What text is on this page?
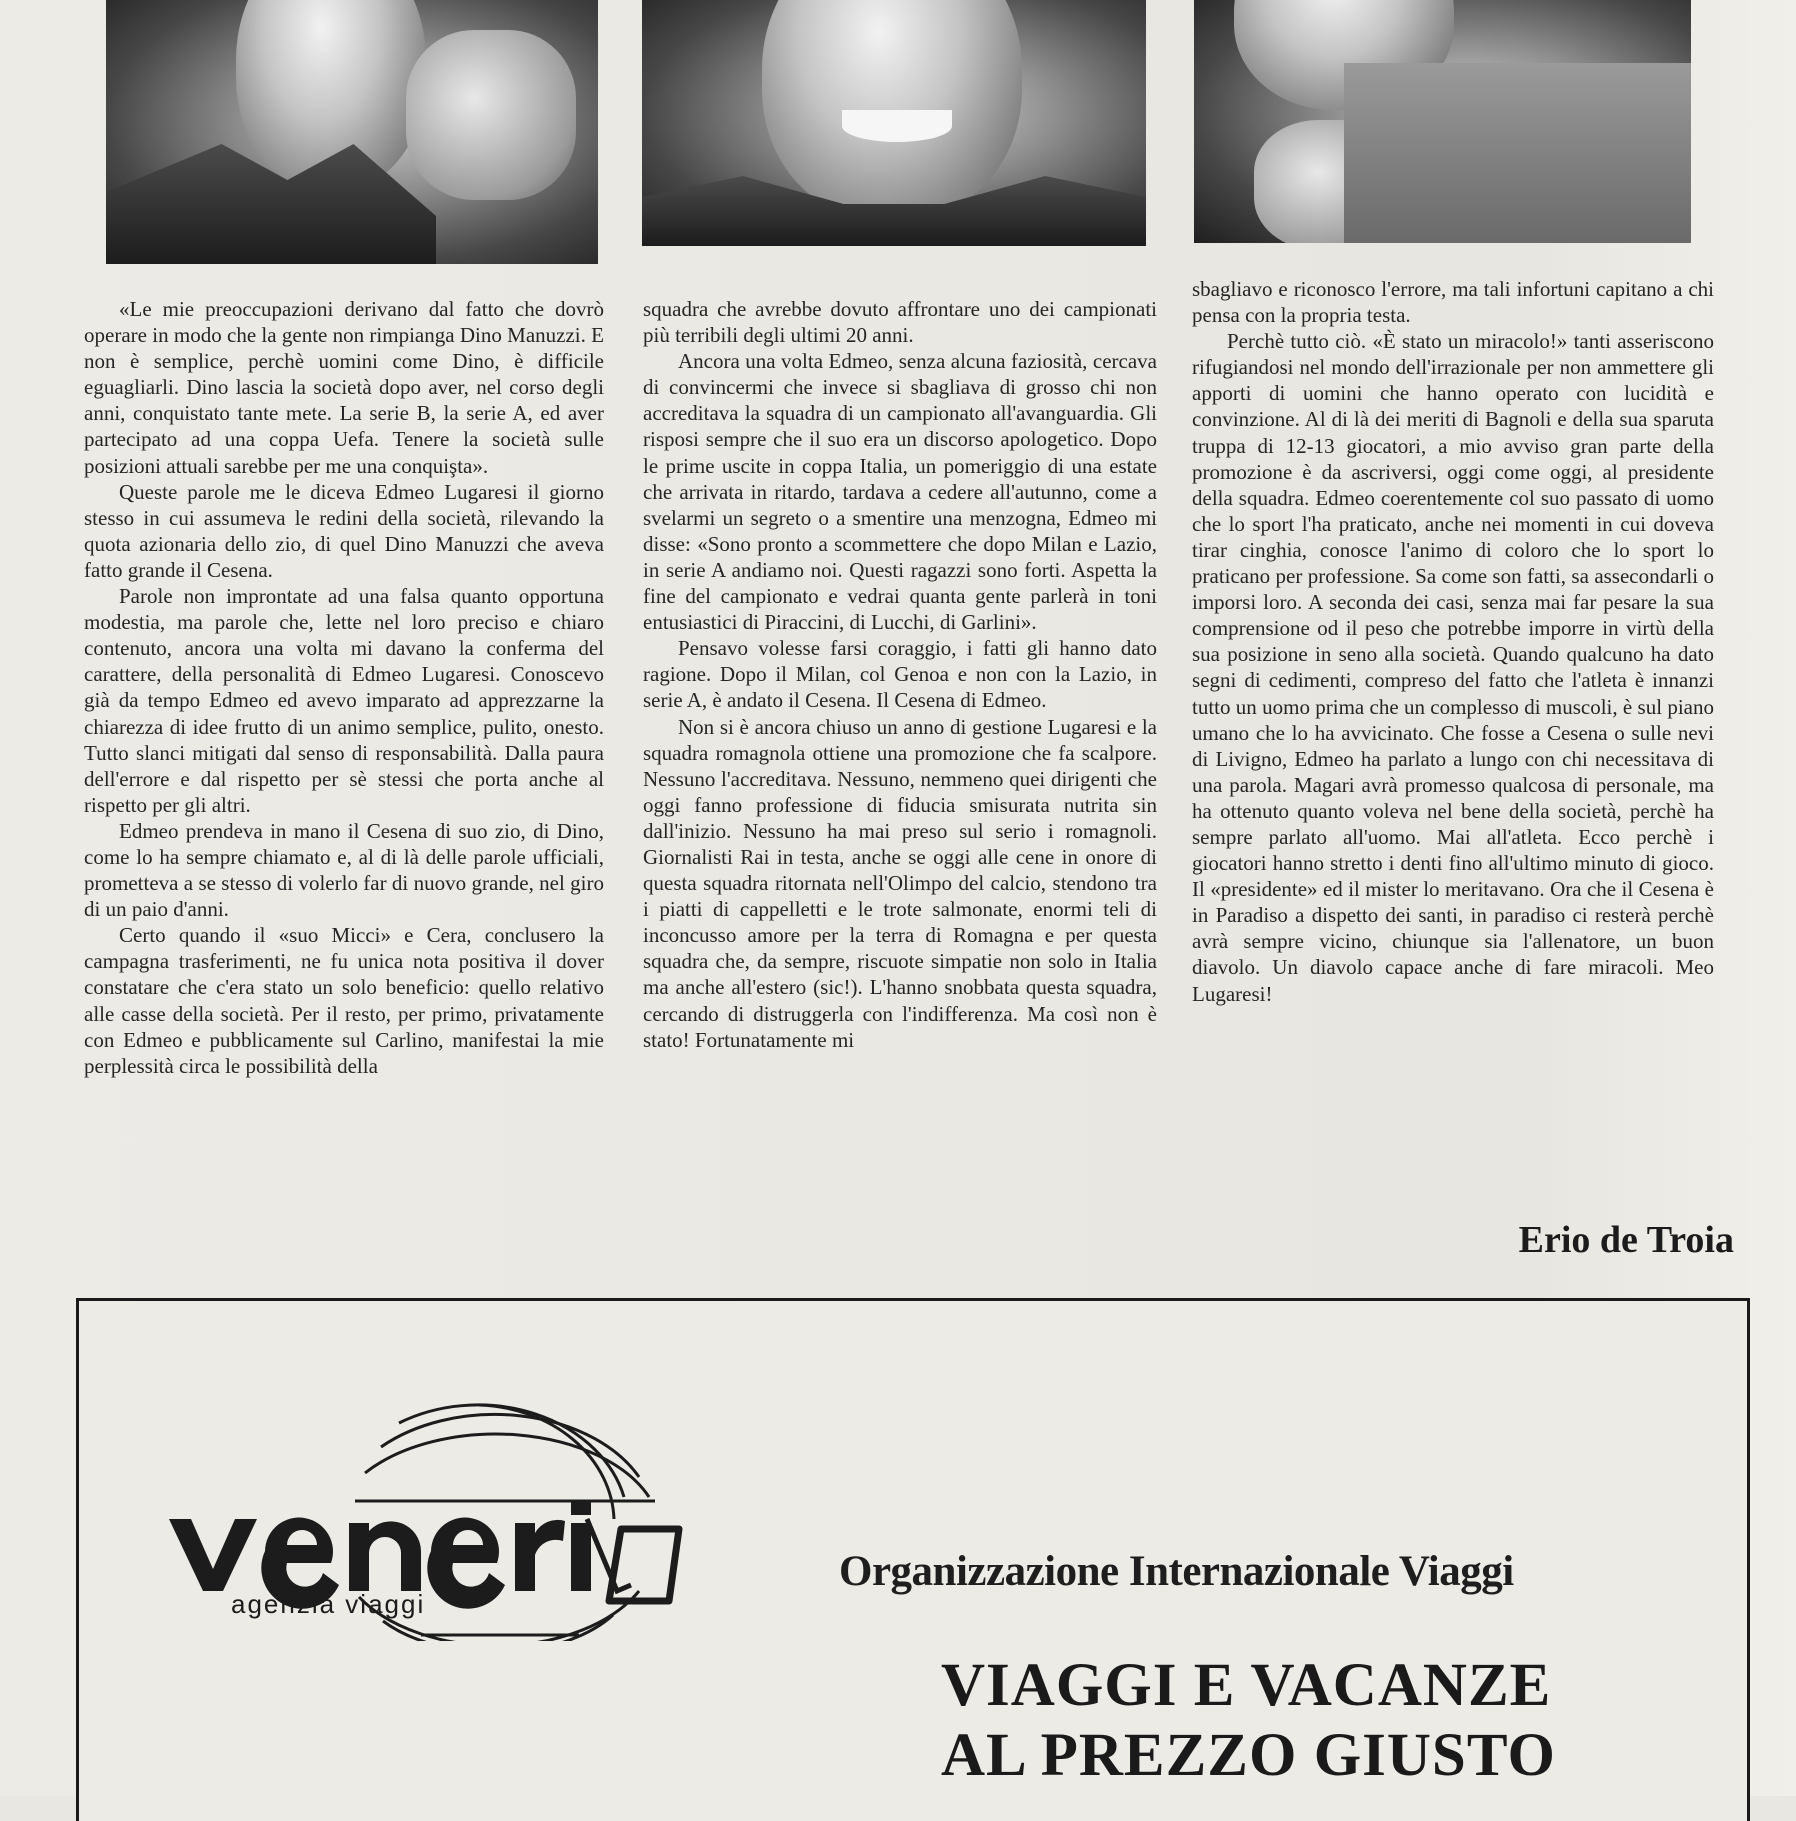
«Le mie preoccupazioni derivano dal fatto che dovrò operare in modo che la gente non rimpianga Dino Manuzzi. E non è semplice, perchè uomini come Dino, è difficile eguagliarli. Dino lascia la società dopo aver, nel corso degli anni, conquistato tante mete. La serie B, la serie A, ed aver partecipato ad una coppa Uefa. Tenere la società sulle posizioni attuali sarebbe per me una conquişta».

Queste parole me le diceva Edmeo Lugaresi il giorno stesso in cui assumeva le redini della società, rilevando la quota azionaria dello zio, di quel Dino Manuzzi che aveva fatto grande il Cesena.

Parole non improntate ad una falsa quanto opportuna modestia, ma parole che, lette nel loro preciso e chiaro contenuto, ancora una volta mi davano la conferma del carattere, della personalità di Edmeo Lugaresi. Conoscevo già da tempo Edmeo ed avevo imparato ad apprezzarne la chiarezza di idee frutto di un animo semplice, pulito, onesto. Tutto slanci mitigati dal senso di responsabilità. Dalla paura dell'errore e dal rispetto per sè stessi che porta anche al rispetto per gli altri.

Edmeo prendeva in mano il Cesena di suo zio, di Dino, come lo ha sempre chiamato e, al di là delle parole ufficiali, prometteva a se stesso di volerlo far di nuovo grande, nel giro di un paio d'anni.

Certo quando il «suo Micci» e Cera, conclusero la campagna trasferimenti, ne fu unica nota positiva il dover constatare che c'era stato un solo beneficio: quello relativo alle casse della società. Per il resto, per primo, privatamente con Edmeo e pubblicamente sul Carlino, manifestai la mie perplessità circa le possibilità della

squadra che avrebbe dovuto affrontare uno dei campionati più terribili degli ultimi 20 anni.

Ancora una volta Edmeo, senza alcuna faziosità, cercava di convincermi che invece si sbagliava di grosso chi non accreditava la squadra di un campionato all'avanguardia. Gli risposi sempre che il suo era un discorso apologetico. Dopo le prime uscite in coppa Italia, un pomeriggio di una estate che arrivata in ritardo, tardava a cedere all'autunno, come a svelarmi un segreto o a smentire una menzogna, Edmeo mi disse: «Sono pronto a scommettere che dopo Milan e Lazio, in serie A andiamo noi. Questi ragazzi sono forti. Aspetta la fine del campionato e vedrai quanta gente parlerà in toni entusiastici di Piraccini, di Lucchi, di Garlini».

Pensavo volesse farsi coraggio, i fatti gli hanno dato ragione. Dopo il Milan, col Genoa e non con la Lazio, in serie A, è andato il Cesena. Il Cesena di Edmeo.

Non si è ancora chiuso un anno di gestione Lugaresi e la squadra romagnola ottiene una promozione che fa scalpore. Nessuno l'accreditava. Nessuno, nemmeno quei dirigenti che oggi fanno professione di fiducia smisurata nutrita sin dall'inizio. Nessuno ha mai preso sul serio i romagnoli. Giornalisti Rai in testa, anche se oggi alle cene in onore di questa squadra ritornata nell'Olimpo del calcio, stendono tra i piatti di cappelletti e le trote salmonate, enormi teli di inconcusso amore per la terra di Romagna e per questa squadra che, da sempre, riscuote simpatie non solo in Italia ma anche all'estero (sic!). L'hanno snobbata questa squadra, cercando di distruggerla con l'indifferenza. Ma così non è stato! Fortunatamente mi

sbagliavo e riconosco l'errore, ma tali infortuni capitano a chi pensa con la propria testa.

Perchè tutto ciò. «È stato un miracolo!» tanti asseriscono rifugiandosi nel mondo dell'irrazionale per non ammettere gli apporti di uomini che hanno operato con lucidità e convinzione. Al di là dei meriti di Bagnoli e della sua sparuta truppa di 12-13 giocatori, a mio avviso gran parte della promozione è da ascriversi, oggi come oggi, al presidente della squadra. Edmeo coerentemente col suo passato di uomo che lo sport l'ha praticato, anche nei momenti in cui doveva tirar cinghia, conosce l'animo di coloro che lo sport lo praticano per professione. Sa come son fatti, sa assecondarli o imporsi loro. A seconda dei casi, senza mai far pesare la sua comprensione od il peso che potrebbe imporre in virtù della sua posizione in seno alla società. Quando qualcuno ha dato segni di cedimenti, compreso del fatto che l'atleta è innanzi tutto un uomo prima che un complesso di muscoli, è sul piano umano che lo ha avvicinato. Che fosse a Cesena o sulle nevi di Livigno, Edmeo ha parlato a lungo con chi necessitava di una parola. Magari avrà promesso qualcosa di personale, ma ha ottenuto quanto voleva nel bene della società, perchè ha sempre parlato all'uomo. Mai all'atleta. Ecco perchè i giocatori hanno stretto i denti fino all'ultimo minuto di gioco. Il «presidente» ed il mister lo meritavano. Ora che il Cesena è in Paradiso a dispetto dei santi, in paradiso ci resterà perchè avrà sempre vicino, chiunque sia l'allenatore, un buon diavolo. Un diavolo capace anche di fare miracoli. Meo Lugaresi!

Erio de Troia
agenzia viaggi
Organizzazione Internazionale Viaggi
VIAGGI E VACANZE
AL PREZZO GIUSTO
